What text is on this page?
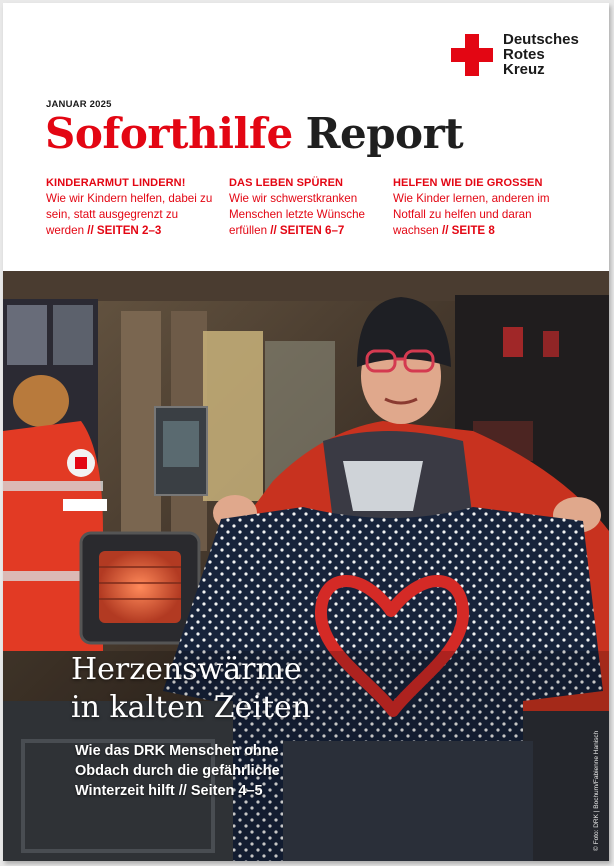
Deutsches
Rotes
Kreuz
JANUAR 2025
Soforthilfe Report
KINDERARMUT LINDERN!
Wie wir Kindern helfen, dabei zu sein, statt ausgegrenzt zu werden // SEITEN 2–3
DAS LEBEN SPÜREN
Wie wir schwerstkranken Menschen letzte Wünsche erfüllen // SEITEN 6–7
HELFEN WIE DIE GROSSEN
Wie Kinder lernen, anderen im Notfall zu helfen und daran wachsen // SEITE 8
Herzenswärme
in kalten Zeiten
Wie das DRK Menschen ohne
Obdach durch die gefährliche
Winterzeit hilft // Seiten 4–5	© Foto: DRK | Bochum/Fabienne Hanisch
